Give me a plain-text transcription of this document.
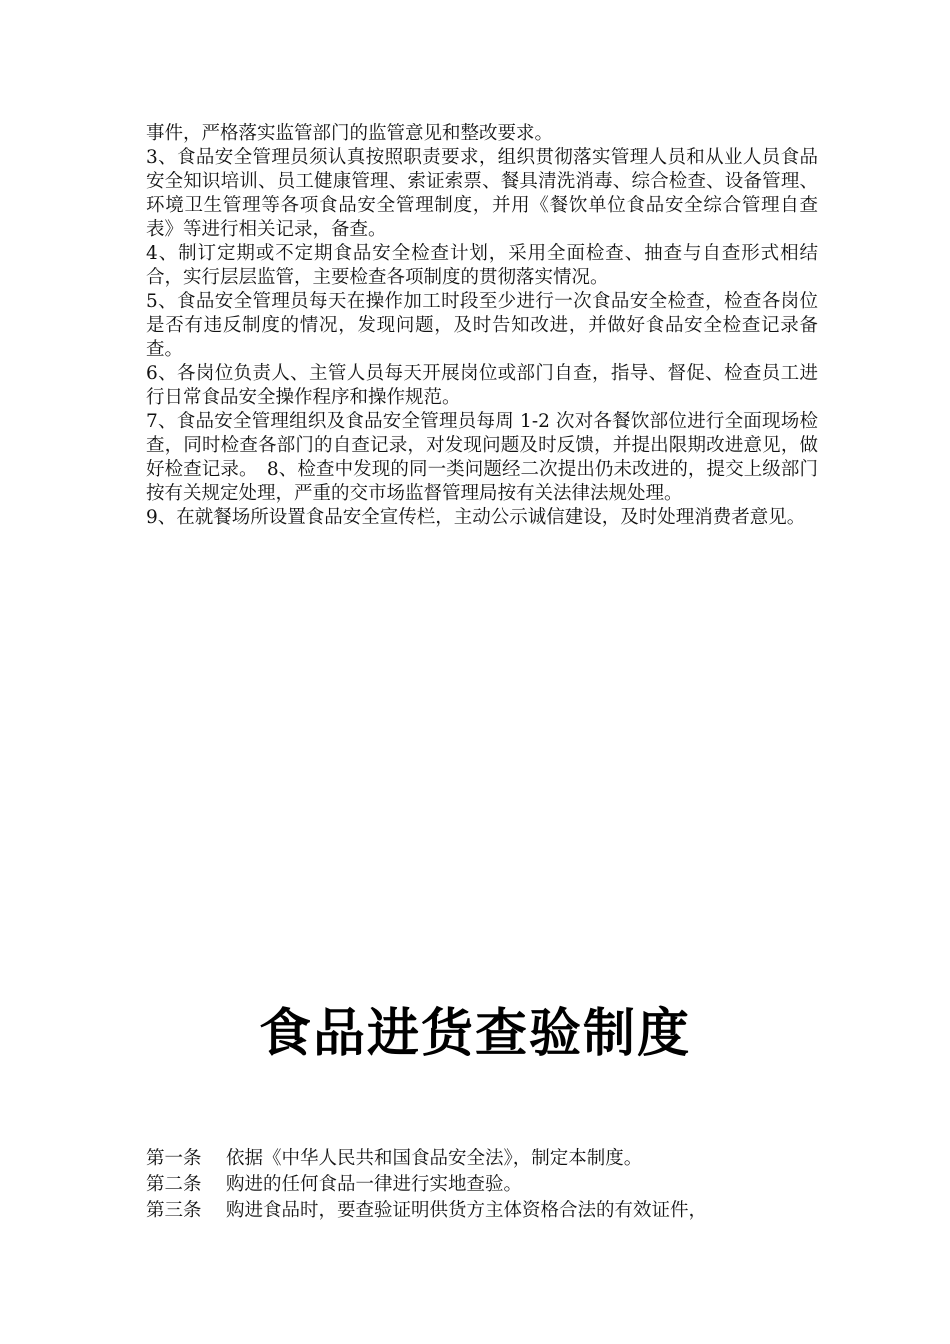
事件，严格落实监管部门的监管意见和整改要求。

3、食品安全管理员须认真按照职责要求，组织贯彻落实管理人员和从业人员食品安全知识培训、员工健康管理、索证索票、餐具清洗消毒、综合检查、设备管理、环境卫生管理等各项食品安全管理制度，并用《餐饮单位食品安全综合管理自查表》等进行相关记录，备查。

4、制订定期或不定期食品安全检查计划，采用全面检查、抽查与自查形式相结合，实行层层监管，主要检查各项制度的贯彻落实情况。

5、食品安全管理员每天在操作加工时段至少进行一次食品安全检查，检查各岗位是否有违反制度的情况，发现问题，及时告知改进，并做好食品安全检查记录备查。

6、各岗位负责人、主管人员每天开展岗位或部门自查，指导、督促、检查员工进行日常食品安全操作程序和操作规范。

7、食品安全管理组织及食品安全管理员每周 1-2 次对各餐饮部位进行全面现场检查，同时检查各部门的自查记录，对发现问题及时反馈，并提出限期改进意见，做好检查记录。　8、检查中发现的同一类问题经二次提出仍未改进的，提交上级部门按有关规定处理，严重的交市场监督管理局按有关法律法规处理。

9、在就餐场所设置食品安全宣传栏，主动公示诚信建设，及时处理消费者意见。

食品进货查验制度

第一条 依据《中华人民共和国食品安全法》，制定本制度。

第二条 购进的任何食品一律进行实地查验。

第三条 购进食品时，要查验证明供货方主体资格合法的有效证件，
